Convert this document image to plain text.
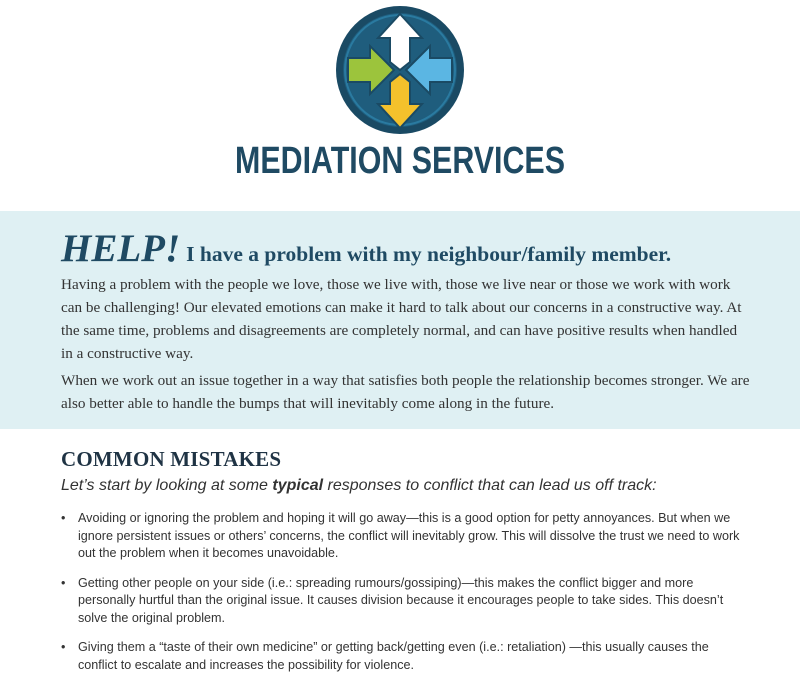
MEDIATION SERVICES
HELP! I have a problem with my neighbour/family member.

Having a problem with the people we love, those we live with, those we live near or those we work with work can be challenging! Our elevated emotions can make it hard to talk about our concerns in a constructive way. At the same time, problems and disagreements are completely normal, and can have positive results when handled in a constructive way.

When we work out an issue together in a way that satisfies both people the relationship becomes stronger. We are also better able to handle the bumps that will inevitably come along in the future.

COMMON MISTAKES

Let’s start by looking at some typical responses to conflict that can lead us off track:

• Avoiding or ignoring the problem and hoping it will go away—this is a good option for petty annoyances. But when we ignore persistent issues or others’ concerns, the conflict will inevitably grow. This will dissolve the trust we need to work out the problem when it becomes unavoidable.
• Getting other people on your side (i.e.: spreading rumours/gossiping)—this makes the conflict bigger and more personally hurtful than the original issue. It causes division because it encourages people to take sides. This doesn’t solve the original problem.
• Giving them a “taste of their own medicine” or getting back/getting even (i.e.: retaliation) —this usually causes the conflict to escalate and increases the possibility for violence.
